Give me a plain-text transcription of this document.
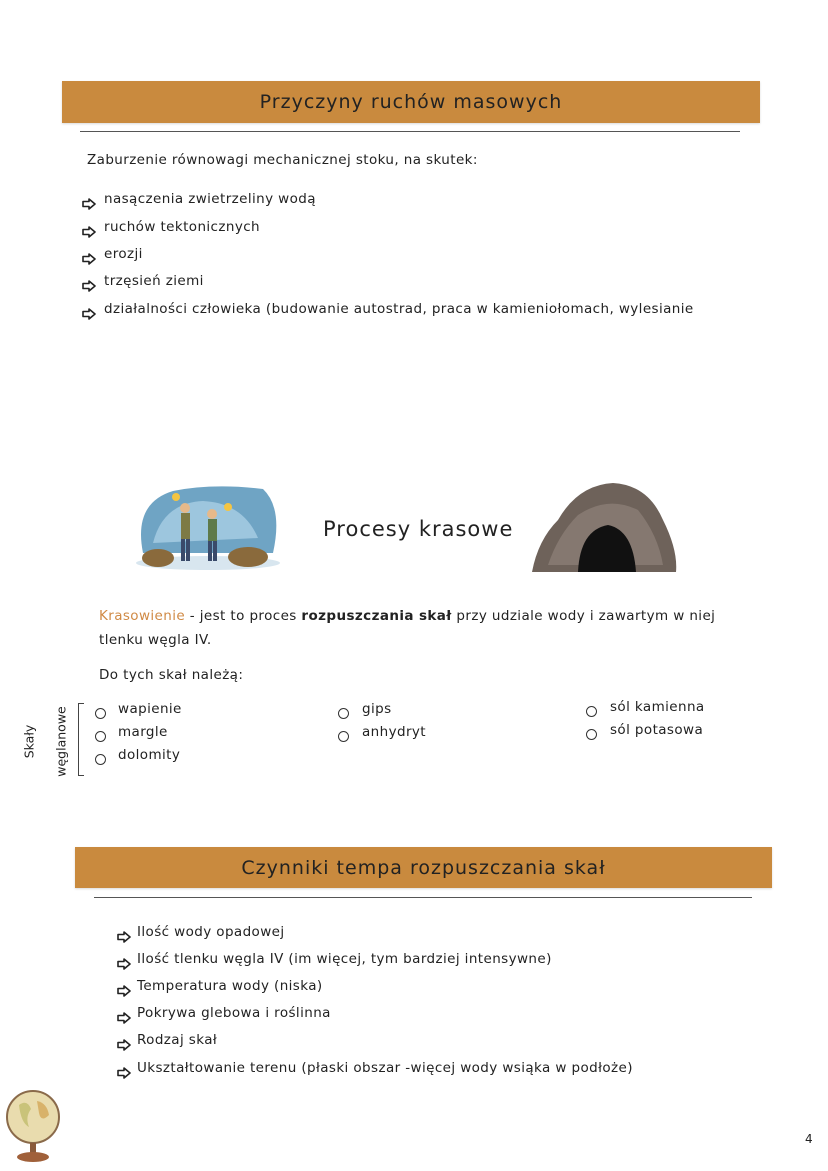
Przyczyny ruchów masowych
Zaburzenie równowagi mechanicznej stoku, na skutek:
nasączenia zwietrzeliny wodą
ruchów tektonicznych
erozji
trzęsień ziemi
działalności człowieka (budowanie autostrad, praca w kamieniołomach, wylesianie
Procesy krasowe
Krasowienie - jest to proces rozpuszczania skał przy udziale wody i zawartym w niej
tlenku węgla IV.
Do tych skał należą:
Skały węglanowe	wapienie
margle
dolomity
gips
anhydryt
sól kamienna
sól potasowa
Czynniki tempa rozpuszczania skał
Ilość wody opadowej
Ilość tlenku węgla IV (im więcej, tym bardziej intensywne)
Temperatura wody (niska)
Pokrywa glebowa i roślinna
Rodzaj skał
Ukształtowanie terenu (płaski obszar -więcej wody wsiąka w podłoże)
4
